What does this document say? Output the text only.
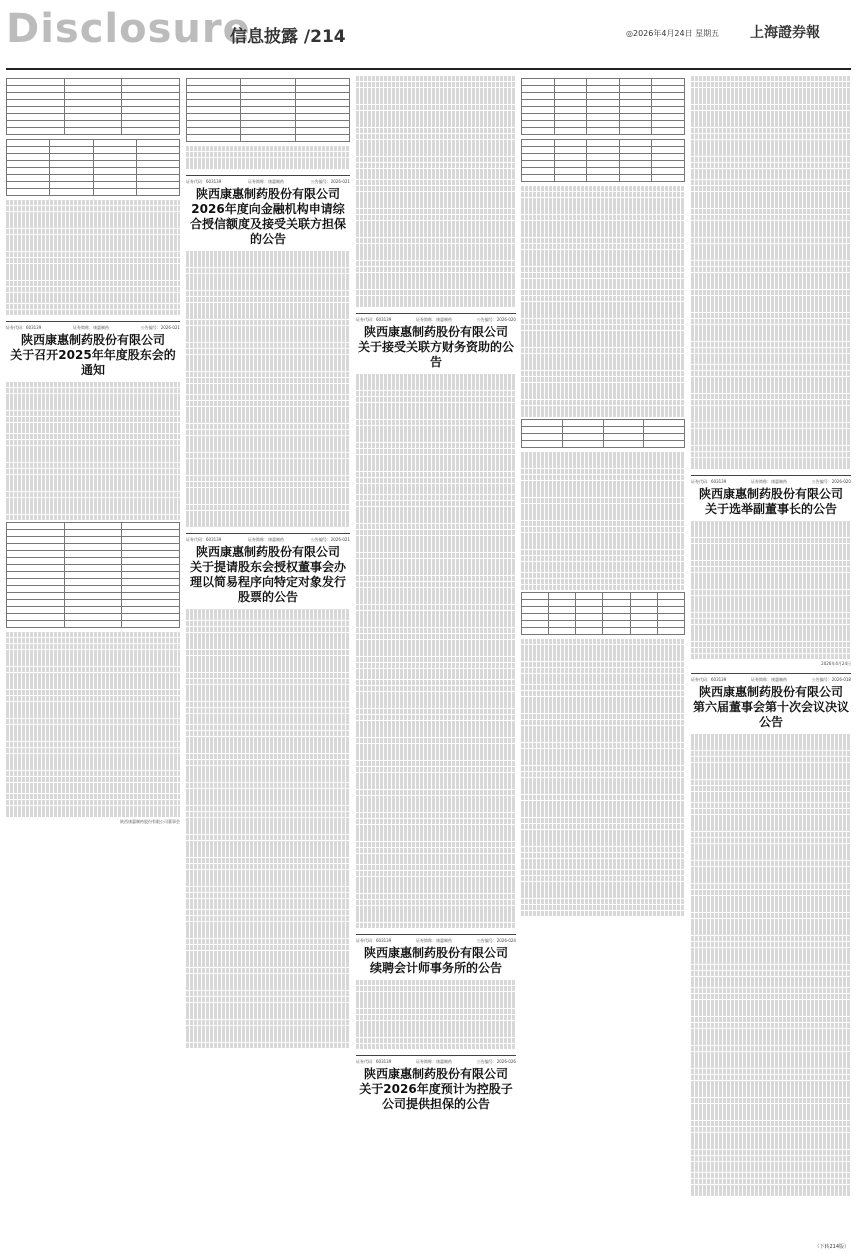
Disclosure
信息披露 /214	◎2026年4月24日 星期五 上海證券報

证券代码：603139	证券简称：康惠制药	公告编号：2026-021
陕西康惠制药股份有限公司
关于召开2025年年度股东会的通知

陕西康惠制药股份有限公司董事会

证券代码：603139	证券简称：康惠制药	公告编号：2026-021
陕西康惠制药股份有限公司
2026年度向金融机构申请综合授信额度及接受关联方担保的公告
证券代码：603139	证券简称：康惠制药	公告编号：2026-021
陕西康惠制药股份有限公司
关于提请股东会授权董事会办理以简易程序向特定对象发行股票的公告
证券代码：603139	证券简称：康惠制药	公告编号：2026-020
陕西康惠制药股份有限公司
关于接受关联方财务资助的公告
证券代码：603139	证券简称：康惠制药	公告编号：2026-024
陕西康惠制药股份有限公司
续聘会计师事务所的公告
证券代码：603139	证券简称：康惠制药	公告编号：2026-026
陕西康惠制药股份有限公司
关于2026年度预计为控股子公司提供担保的公告

证券代码：603139	证券简称：康惠制药	公告编号：2026-020
陕西康惠制药股份有限公司
关于选举副董事长的公告
2026年4月24日
证券代码：603139	证券简称：康惠制药	公告编号：2026-018
陕西康惠制药股份有限公司
第六届董事会第十次会议决议公告
（下转214版）
